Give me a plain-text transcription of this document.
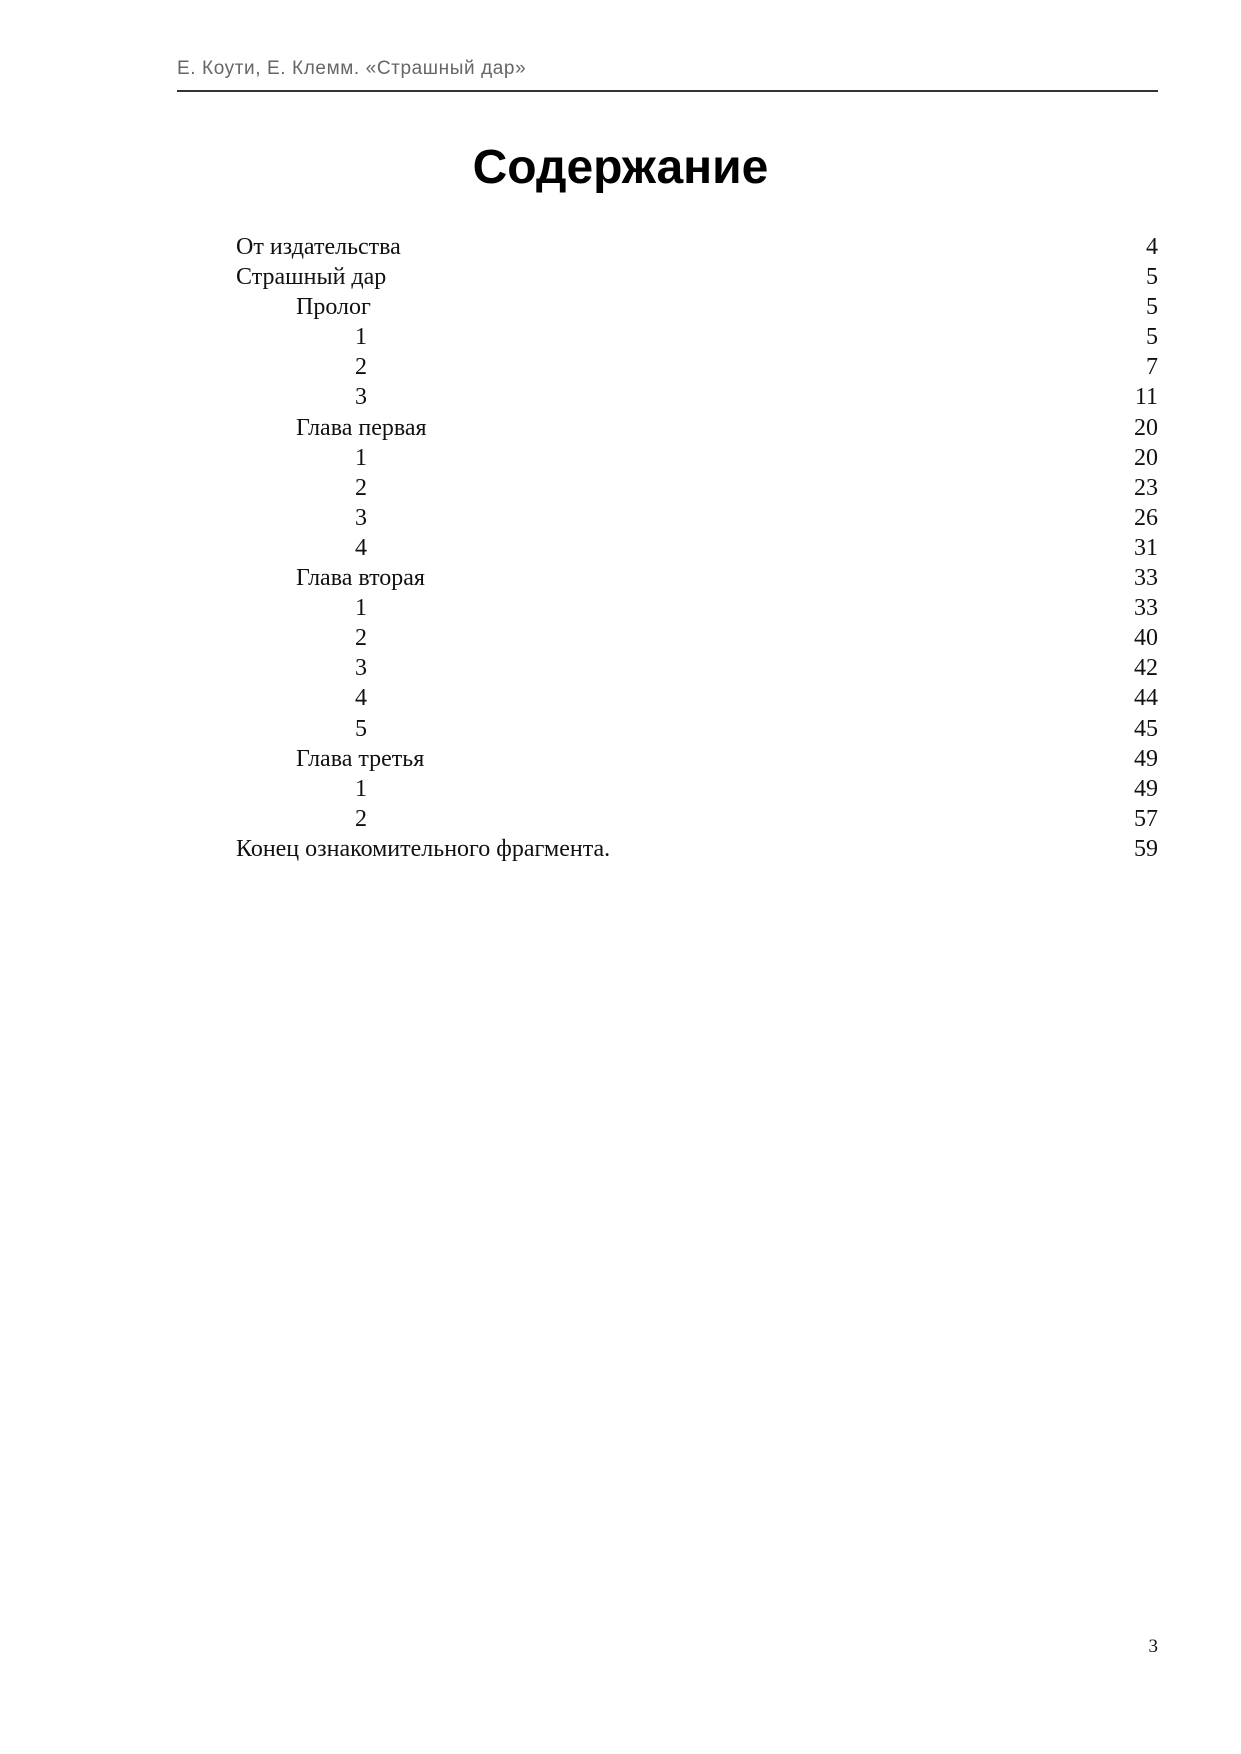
Е. Коути, Е. Клемм. «Страшный дар»
Содержание
От издательства	4
Страшный дар	5
Пролог	5
1	5
2	7
3	11
Глава первая	20
1	20
2	23
3	26
4	31
Глава вторая	33
1	33
2	40
3	42
4	44
5	45
Глава третья	49
1	49
2	57
Конец ознакомительного фрагмента.	59
3
